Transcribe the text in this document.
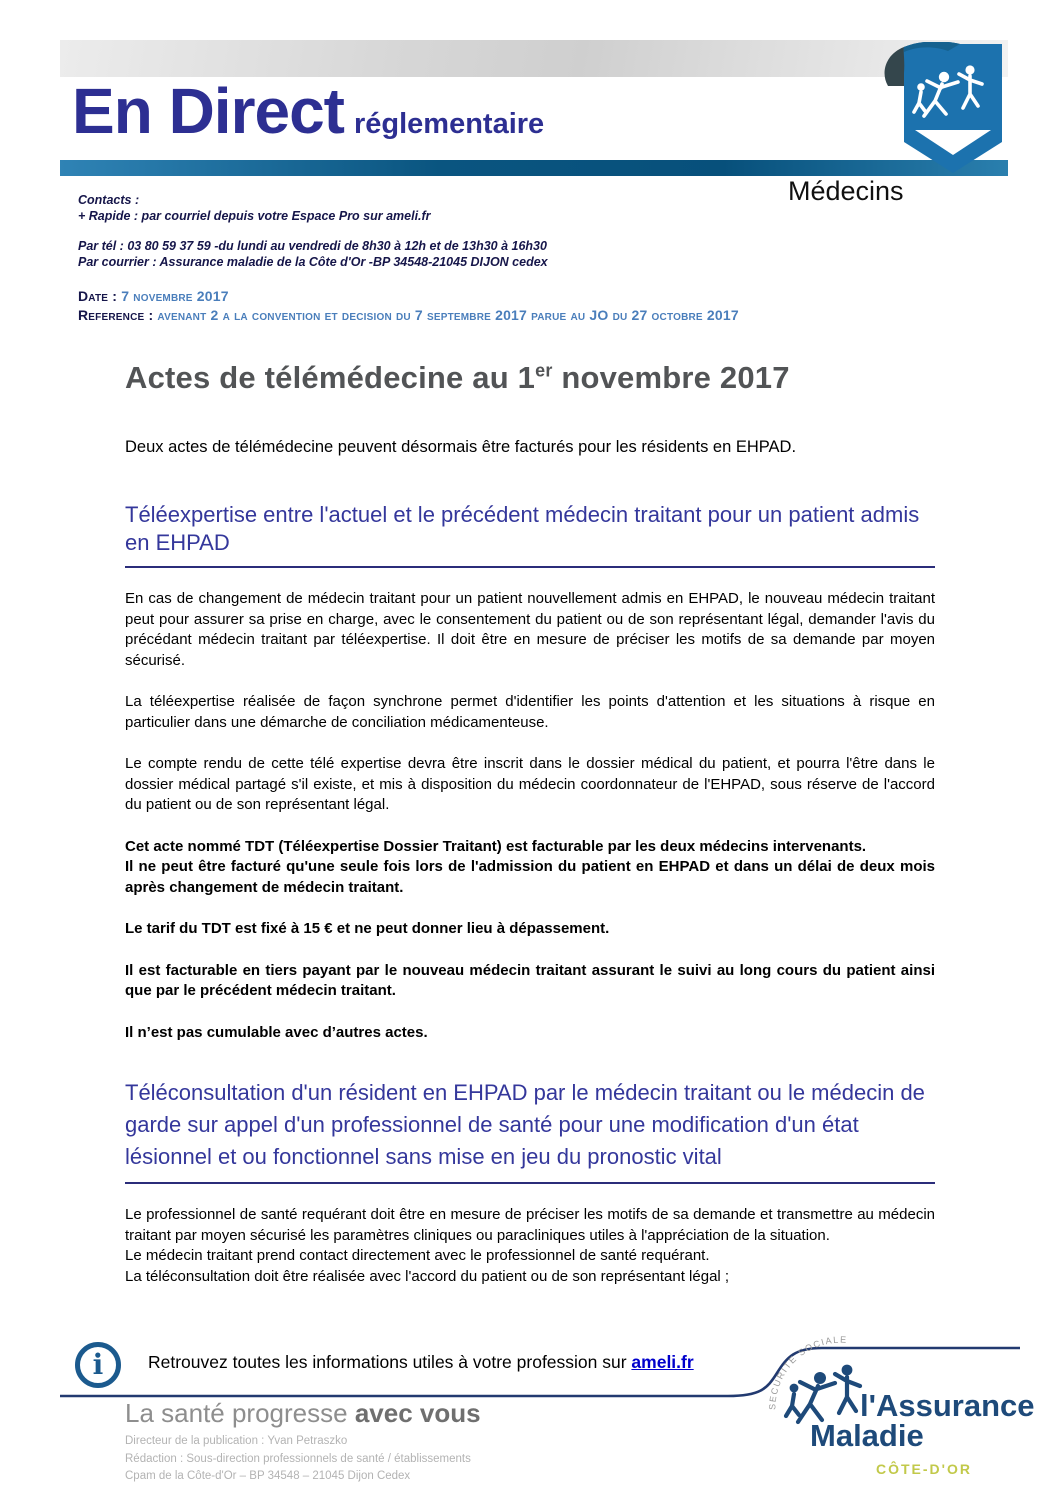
En Direct réglementaire
Médecins
Contacts :
+ Rapide : par courriel depuis votre Espace Pro sur ameli.fr
Par tél : 03 80 59 37 59 -du lundi au vendredi de 8h30 à 12h et de 13h30 à 16h30
Par courrier : Assurance maladie de la Côte d'Or -BP 34548-21045 DIJON cedex
Date : 7 novembre 2017
Reference : avenant 2 a la convention et decision du 7 septembre 2017 parue au JO du 27 octobre 2017
Actes de télémédecine au 1er novembre 2017

Deux actes de télémédecine peuvent désormais être facturés pour les résidents en EHPAD.

Téléexpertise entre l'actuel et le précédent médecin traitant pour un patient admis en EHPAD

En cas de changement de médecin traitant pour un patient nouvellement admis en EHPAD, le nouveau médecin traitant peut pour assurer sa prise en charge, avec le consentement du patient ou de son représentant légal, demander l'avis du précédant médecin traitant par téléexpertise. Il doit être en mesure de préciser les motifs de sa demande par moyen sécurisé.

La téléexpertise réalisée de façon synchrone permet d'identifier les points d'attention et les situations à risque en particulier dans une démarche de conciliation médicamenteuse.

Le compte rendu de cette télé expertise devra être inscrit dans le dossier médical du patient, et pourra l'être dans le dossier médical partagé s'il existe, et mis à disposition du médecin coordonnateur de l'EHPAD, sous réserve de l'accord du patient ou de son représentant légal.

Cet acte nommé TDT (Téléexpertise Dossier Traitant) est facturable par les deux médecins intervenants.

Il ne peut être facturé qu'une seule fois lors de l'admission du patient en EHPAD et dans un délai de deux mois après changement de médecin traitant.

Le tarif du TDT est fixé à 15 € et ne peut donner lieu à dépassement.

Il est facturable en tiers payant par le nouveau médecin traitant assurant le suivi au long cours du patient ainsi que par le précédent médecin traitant.

Il n’est pas cumulable avec d’autres actes.

Téléconsultation d'un résident en EHPAD par le médecin traitant ou le médecin de garde sur appel d'un professionnel de santé pour une modification d'un état lésionnel et ou fonctionnel sans mise en jeu du pronostic vital

Le professionnel de santé requérant doit être en mesure de préciser les motifs de sa demande et transmettre au médecin traitant par moyen sécurisé les paramètres cliniques ou paracliniques utiles à l'appréciation de la situation.

Le médecin traitant prend contact directement avec le professionnel de santé requérant.

La téléconsultation doit être réalisée avec l'accord du patient ou de son représentant légal ;

i	Retrouvez toutes les informations utiles à votre profession sur ameli.fr
La santé progresse avec vous
Directeur de la publication : Yvan Petraszko
Rédaction : Sous-direction professionnels de santé / établissements
Cpam de la Côte-d'Or – BP 34548 – 21045 Dijon Cedex
SECURITE SOCIALE
l'Assurance
Maladie
CÔTE-D'OR
